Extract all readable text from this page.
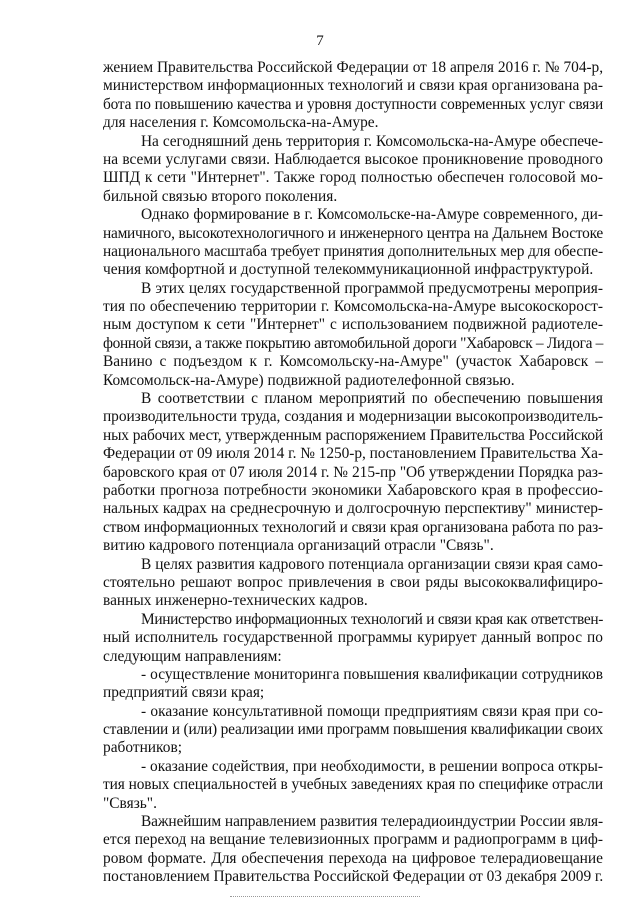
7
жением Правительства Российской Федерации от 18 апреля 2016 г. № 704-р,
министерством информационных технологий и связи края организована ра-
бота по повышению качества и уровня доступности современных услуг связи
для населения г. Комсомольска-на-Амуре.
На сегодняшний день территория г. Комсомольска-на-Амуре обеспече-
на всеми услугами связи. Наблюдается высокое проникновение проводного
ШПД к сети "Интернет". Также город полностью обеспечен голосовой мо-
бильной связью второго поколения.
Однако формирование в г. Комсомольске-на-Амуре современного, ди-
намичного, высокотехнологичного и инженерного центра на Дальнем Востоке
национального масштаба требует принятия дополнительных мер для обеспе-
чения комфортной и доступной телекоммуникационной инфраструктурой.
В этих целях государственной программой предусмотрены мероприя-
тия по обеспечению территории г. Комсомольска-на-Амуре высокоскорост-
ным доступом к сети "Интернет" с использованием подвижной радиотеле-
фонной связи, а также покрытию автомобильной дороги "Хабаровск – Лидога –
Ванино с подъездом к г. Комсомольску-на-Амуре" (участок Хабаровск –
Комсомольск-на-Амуре) подвижной радиотелефонной связью.
В соответствии с планом мероприятий по обеспечению повышения
производительности труда, создания и модернизации высокопроизводитель-
ных рабочих мест, утвержденным распоряжением Правительства Российской
Федерации от 09 июля 2014 г. № 1250-р, постановлением Правительства Ха-
баровского края от 07 июля 2014 г. № 215-пр "Об утверждении Порядка раз-
работки прогноза потребности экономики Хабаровского края в профессио-
нальных кадрах на среднесрочную и долгосрочную перспективу" министер-
ством информационных технологий и связи края организована работа по раз-
витию кадрового потенциала организаций отрасли "Связь".
В целях развития кадрового потенциала организации связи края само-
стоятельно решают вопрос привлечения в свои ряды высококвалифициро-
ванных инженерно-технических кадров.
Министерство информационных технологий и связи края как ответствен-
ный исполнитель государственной программы курирует данный вопрос по
следующим направлениям:
- осуществление мониторинга повышения квалификации сотрудников
предприятий связи края;
- оказание консультативной помощи предприятиям связи края при со-
ставлении и (или) реализации ими программ повышения квалификации своих
работников;
- оказание содействия, при необходимости, в решении вопроса откры-
тия новых специальностей в учебных заведениях края по специфике отрасли
"Связь".
Важнейшим направлением развития телерадиоиндустрии России явля-
ется переход на вещание телевизионных программ и радиопрограмм в циф-
ровом формате. Для обеспечения перехода на цифровое телерадиовещание
постановлением Правительства Российской Федерации от 03 декабря 2009 г.
